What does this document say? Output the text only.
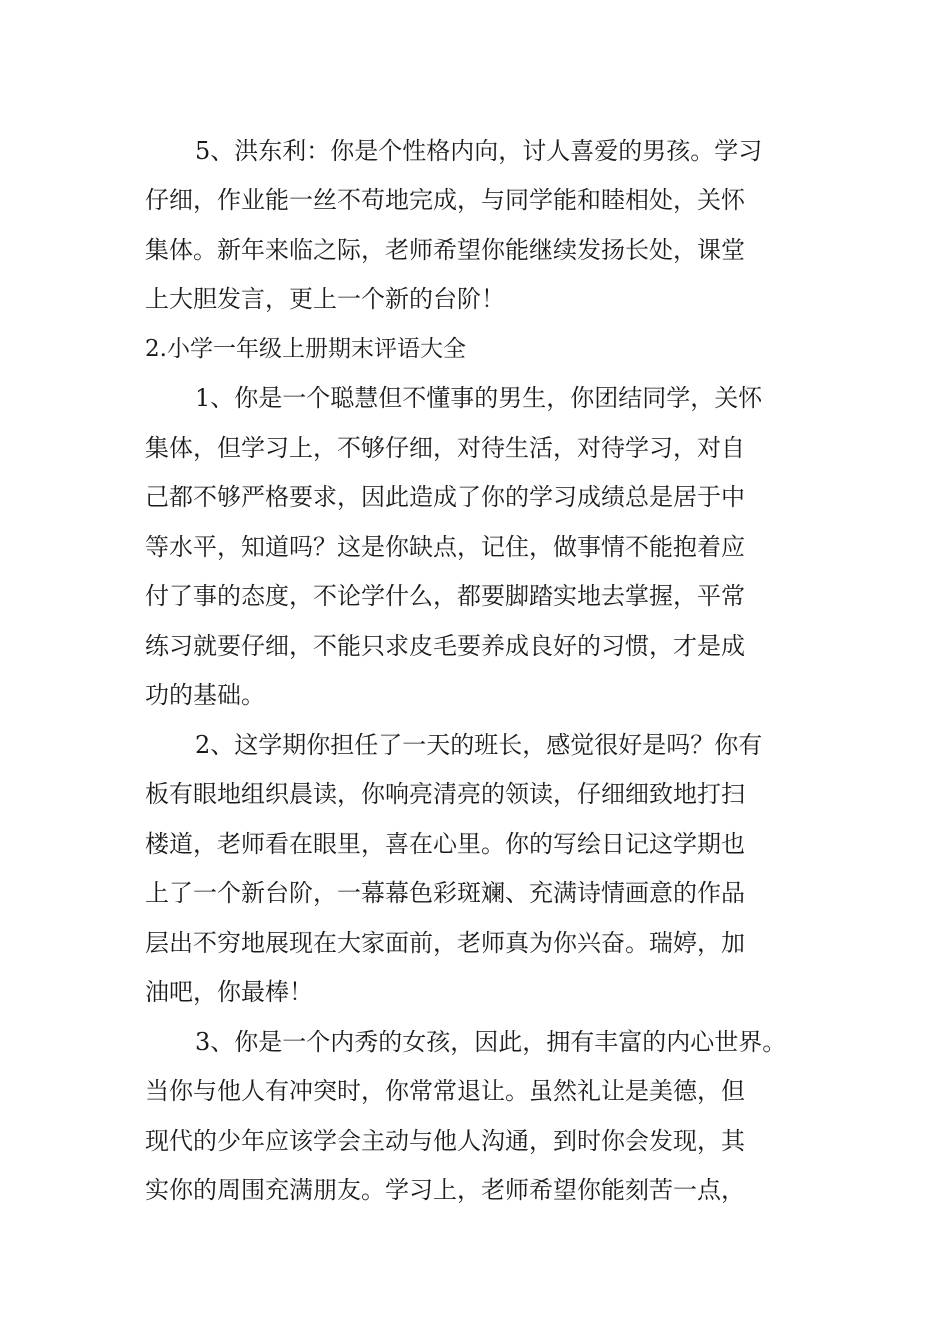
5、洪东利：你是个性格内向，讨人喜爱的男孩。学习
仔细，作业能一丝不苟地完成，与同学能和睦相处，关怀
集体。新年来临之际，老师希望你能继续发扬长处，课堂
上大胆发言，更上一个新的台阶！
2.小学一年级上册期末评语大全
1、你是一个聪慧但不懂事的男生，你团结同学，关怀
集体，但学习上，不够仔细，对待生活，对待学习，对自
己都不够严格要求，因此造成了你的学习成绩总是居于中
等水平，知道吗？这是你缺点，记住，做事情不能抱着应
付了事的态度，不论学什么，都要脚踏实地去掌握，平常
练习就要仔细，不能只求皮毛要养成良好的习惯，才是成
功的基础。
2、这学期你担任了一天的班长，感觉很好是吗？你有
板有眼地组织晨读，你响亮清亮的领读，仔细细致地打扫
楼道，老师看在眼里，喜在心里。你的写绘日记这学期也
上了一个新台阶，一幕幕色彩斑斓、充满诗情画意的作品
层出不穷地展现在大家面前，老师真为你兴奋。瑞婷，加
油吧，你最棒！
3、你是一个内秀的女孩，因此，拥有丰富的内心世界。
当你与他人有冲突时，你常常退让。虽然礼让是美德，但
现代的少年应该学会主动与他人沟通，到时你会发现，其
实你的周围充满朋友。学习上，老师希望你能刻苦一点，
